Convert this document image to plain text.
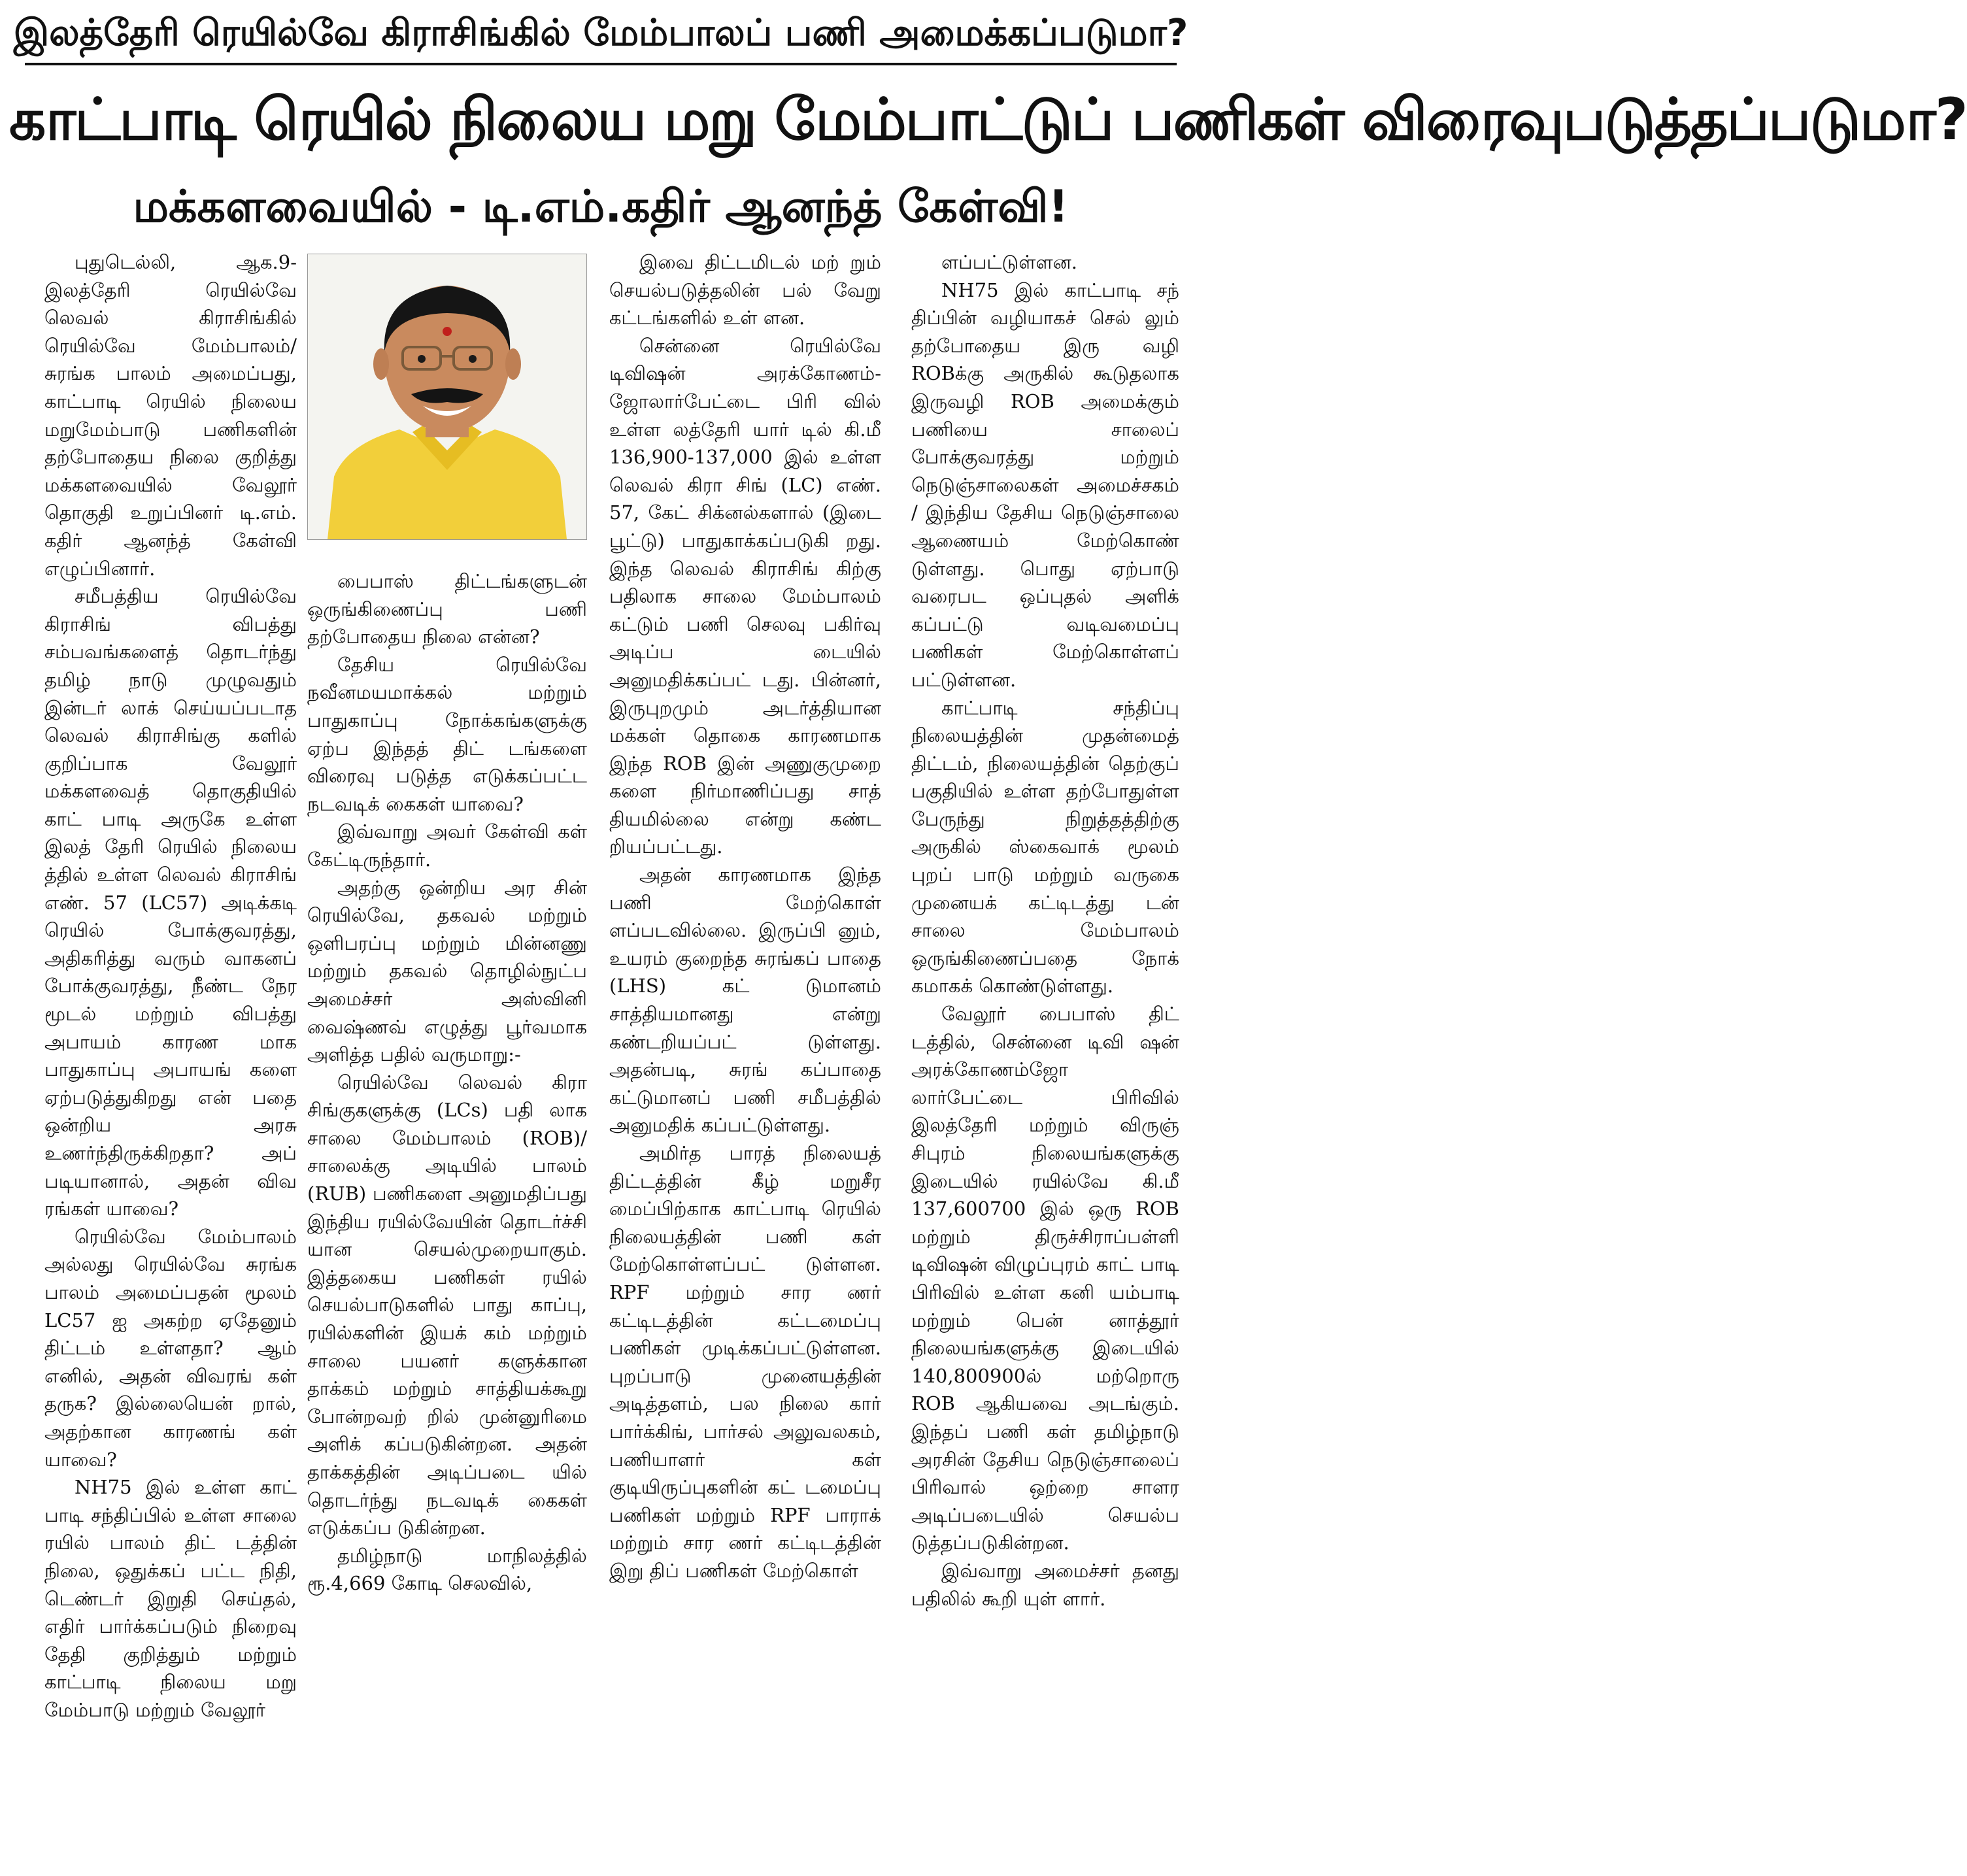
இலத்தேரி ரெயில்வே கிராசிங்கில் மேம்பாலப் பணி அமைக்கப்படுமா?
காட்பாடி ரெயில் நிலைய மறு மேம்பாட்டுப் பணிகள் விரைவுபடுத்தப்படுமா?
மக்களவையில் - டி.எம்.கதிர் ஆனந்த் கேள்வி!

புதுடெல்லி, ஆக.9- இலத்தேரி ரெயில்வே லெவல் கிராசிங்கில் ரெயில்வே மேம்பாலம்/ சுரங்க பாலம் அமைப்பது, காட்பாடி ரெயில் நிலைய மறுமேம்பாடு பணிகளின் தற்போதைய நிலை குறித்து மக்களவையில் வேலூர் தொகுதி உறுப்பினர் டி.எம். கதிர் ஆனந்த் கேள்வி எழுப்பினார்.

சமீபத்திய ரெயில்வே கிராசிங் விபத்து சம்பவங்களைத் தொடர்ந்து தமிழ் நாடு முழுவதும் இன்டர் லாக் செய்யப்படாத லெவல் கிராசிங்கு களில் குறிப்பாக வேலூர் மக்களவைத் தொகுதியில் காட் பாடி அருகே உள்ள இலத் தேரி ரெயில் நிலைய த்தில் உள்ள லெவல் கிராசிங் எண். 57 (LC57) அடிக்கடி ரெயில் போக்குவரத்து, அதிகரித்து வரும் வாகனப் போக்குவரத்து, நீண்ட நேர மூடல் மற்றும் விபத்து அபாயம் காரண மாக பாதுகாப்பு அபாயங் களை ஏற்படுத்துகிறது என் பதை ஒன்றிய அரசு உணர்ந்திருக்கிறதா? அப் படியானால், அதன் விவ ரங்கள் யாவை?

ரெயில்வே மேம்பாலம் அல்லது ரெயில்வே சுரங்க பாலம் அமைப்பதன் மூலம் LC57 ஐ அகற்ற ஏதேனும் திட்டம் உள்ளதா? ஆம் எனில், அதன் விவரங் கள் தருக? இல்லையென் றால், அதற்கான காரணங் கள் யாவை?

NH75 இல் உள்ள காட் பாடி சந்திப்பில் உள்ள சாலை ரயில் பாலம் திட் டத்தின் நிலை, ஒதுக்கப் பட்ட நிதி, டெண்டர் இறுதி செய்தல், எதிர் பார்க்கப்படும் நிறைவு தேதி குறித்தும் மற்றும் காட்பாடி நிலைய மறு மேம்பாடு மற்றும் வேலூர்

பைபாஸ் திட்டங்களுடன் ஒருங்கிணைப்பு பணி தற்போதைய நிலை என்ன?

தேசிய ரெயில்வே நவீனமயமாக்கல் மற்றும் பாதுகாப்பு நோக்கங்களுக்கு ஏற்ப இந்தத் திட் டங்களை விரைவு படுத்த எடுக்கப்பட்ட நடவடிக் கைகள் யாவை?

இவ்வாறு அவர் கேள்வி கள் கேட்டிருந்தார்.

அதற்கு ஒன்றிய அர சின் ரெயில்வே, தகவல் மற்றும் ஒளிபரப்பு மற்றும் மின்னணு மற்றும் தகவல் தொழில்நுட்ப அமைச்சர் அஸ்வினி வைஷ்ணவ் எழுத்து பூர்வமாக அளித்த பதில் வருமாறு:-

ரெயில்வே லெவல் கிரா சிங்குகளுக்கு (LCs) பதி லாக சாலை மேம்பாலம் (ROB)/சாலைக்கு அடியில் பாலம் (RUB) பணிகளை அனுமதிப்பது இந்திய ரயில்வேயின் தொடர்ச்சி யான செயல்முறையாகும். இத்தகைய பணிகள் ரயில் செயல்பாடுகளில் பாது காப்பு, ரயில்களின் இயக் கம் மற்றும் சாலை பயனர் களுக்கான தாக்கம் மற்றும் சாத்தியக்கூறு போன்றவற் றில் முன்னுரிமை அளிக் கப்படுகின்றன. அதன் தாக்கத்தின் அடிப்படை யில் தொடர்ந்து நடவடிக் கைகள் எடுக்கப்ப டுகின்றன.

தமிழ்நாடு மாநிலத்தில் ரூ.4,669 கோடி செலவில்,

இவை திட்டமிடல் மற் றும் செயல்படுத்தலின் பல் வேறு கட்டங்களில் உள் ளன.

சென்னை ரெயில்வே டிவிஷன் அரக்கோணம்- ஜோலார்பேட்டை பிரி வில் உள்ள லத்தேரி யார் டில் கி.மீ 136,900-137,000 இல் உள்ள லெவல் கிரா சிங் (LC) எண். 57, கேட் சிக்னல்களால் (இடை பூட்டு) பாதுகாக்கப்படுகி றது. இந்த லெவல் கிராசிங் கிற்கு பதிலாக சாலை மேம்பாலம் கட்டும் பணி செலவு பகிர்வு அடிப்ப டையில் அனுமதிக்கப்பட் டது. பின்னர், இருபுறமும் அடர்த்தியான மக்கள் தொகை காரணமாக இந்த ROB இன் அணுகுமுறை களை நிர்மாணிப்பது சாத் தியமில்லை என்று கண்ட றியப்பட்டது.

அதன் காரணமாக இந்த பணி மேற்கொள் ளப்படவில்லை. இருப்பி னும், உயரம் குறைந்த சுரங்கப் பாதை (LHS) கட் டுமானம் சாத்தியமானது என்று கண்டறியப்பட் டுள்ளது. அதன்படி, சுரங் கப்பாதை கட்டுமானப் பணி சமீபத்தில் அனுமதிக் கப்பட்டுள்ளது.

அமிர்த பாரத் நிலையத் திட்டத்தின் கீழ் மறுசீர மைப்பிற்காக காட்பாடி ரெயில் நிலையத்தின் பணி கள் மேற்கொள்ளப்பட் டுள்ளன. RPF மற்றும் சார ணர் கட்டிடத்தின் கட்டமைப்பு பணிகள் முடிக்கப்பட்டுள்ளன. புறப்பாடு முனையத்தின் அடித்தளம், பல நிலை கார் பார்க்கிங், பார்சல் அலுவலகம், பணியாளர் கள் குடியிருப்புகளின் கட் டமைப்பு பணிகள் மற்றும் RPF பாராக் மற்றும் சார ணர் கட்டிடத்தின் இறு திப் பணிகள் மேற்கொள்

ளப்பட்டுள்ளன.

NH75 இல் காட்பாடி சந் திப்பின் வழியாகச் செல் லும் தற்போதைய இரு வழி ROBக்கு அருகில் கூடுதலாக இருவழி ROB அமைக்கும் பணியை சாலைப் போக்குவரத்து மற்றும் நெடுஞ்சாலைகள் அமைச்சகம் / இந்திய தேசிய நெடுஞ்சாலை ஆணையம் மேற்கொண் டுள்ளது. பொது ஏற்பாடு வரைபட ஒப்புதல் அளிக் கப்பட்டு வடிவமைப்பு பணிகள் மேற்கொள்ளப் பட்டுள்ளன.

காட்பாடி சந்திப்பு நிலையத்தின் முதன்மைத் திட்டம், நிலையத்தின் தெற்குப் பகுதியில் உள்ள தற்போதுள்ள பேருந்து நிறுத்தத்திற்கு அருகில் ஸ்கைவாக் மூலம் புறப் பாடு மற்றும் வருகை முனையக் கட்டிடத்து டன் சாலை மேம்பாலம் ஒருங்கிணைப்பதை நோக் கமாகக் கொண்டுள்ளது.

வேலூர் பைபாஸ் திட் டத்தில், சென்னை டிவி ஷன் அரக்கோணம்ஜோ லார்பேட்டை பிரிவில் இலத்தேரி மற்றும் விருஞ் சிபுரம் நிலையங்களுக்கு இடையில் ரயில்வே கி.மீ 137,600700 இல் ஒரு ROB மற்றும் திருச்சிராப்பள்ளி டிவிஷன் விழுப்புரம் காட் பாடி பிரிவில் உள்ள கனி யம்பாடி மற்றும் பென் னாத்தூர் நிலையங்களுக்கு இடையில் 140,800900ல் மற்றொரு ROB ஆகியவை அடங்கும். இந்தப் பணி கள் தமிழ்நாடு அரசின் தேசிய நெடுஞ்சாலைப் பிரிவால் ஒற்றை சாளர அடிப்படையில் செயல்ப டுத்தப்படுகின்றன.

இவ்வாறு அமைச்சர் தனது பதிலில் கூறி யுள் ளார்.
